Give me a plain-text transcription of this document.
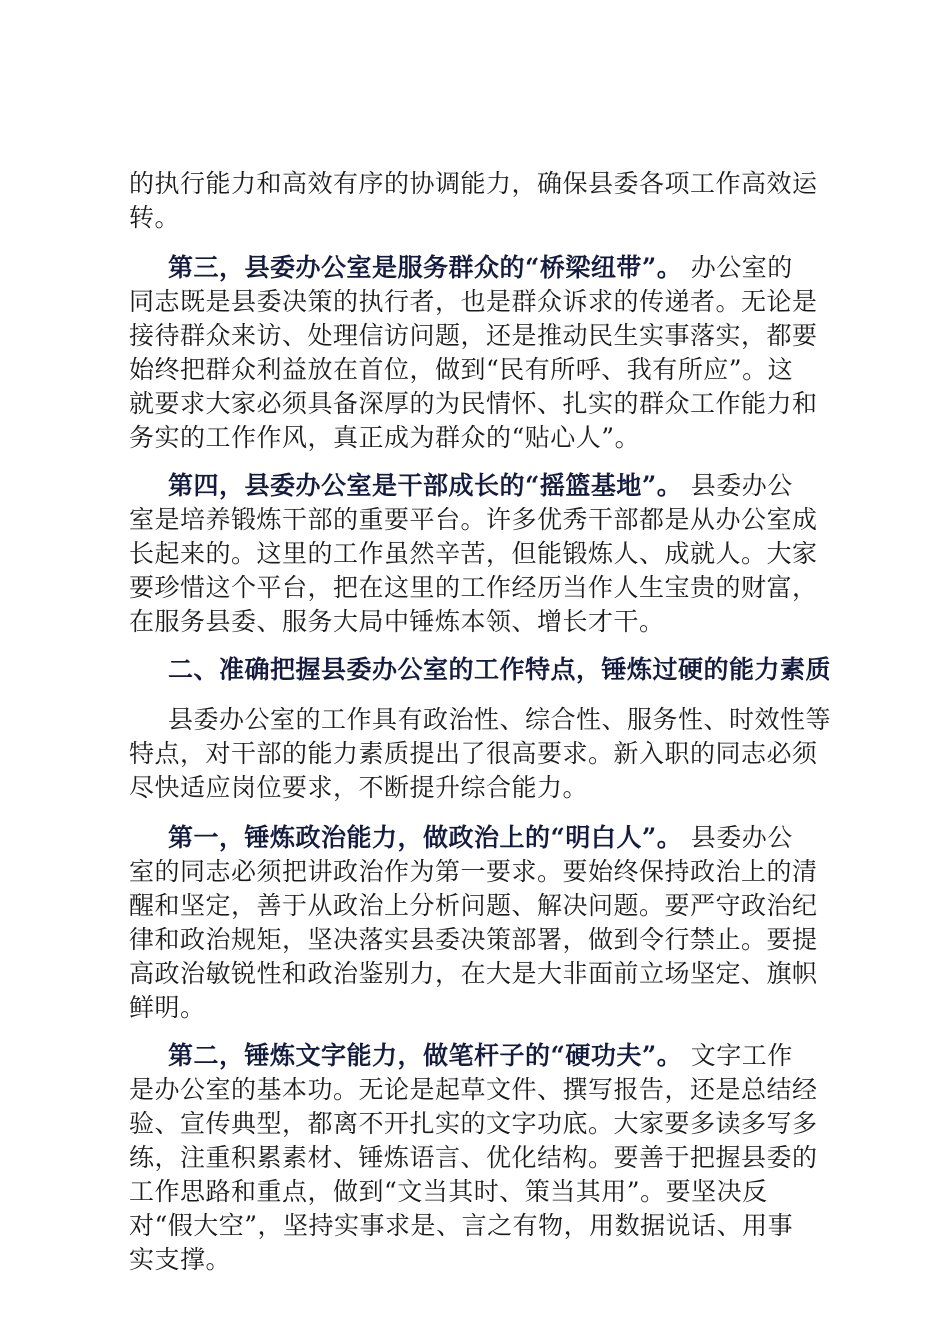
的执行能力和高效有序的协调能力，确保县委各项工作高效运
转。
第三，县委办公室是服务群众的“桥梁纽带”。 办公室的
同志既是县委决策的执行者，也是群众诉求的传递者。无论是
接待群众来访、处理信访问题，还是推动民生实事落实，都要
始终把群众利益放在首位，做到“民有所呼、我有所应”。这
就要求大家必须具备深厚的为民情怀、扎实的群众工作能力和
务实的工作作风，真正成为群众的“贴心人”。
第四，县委办公室是干部成长的“摇篮基地”。 县委办公
室是培养锻炼干部的重要平台。许多优秀干部都是从办公室成
长起来的。这里的工作虽然辛苦，但能锻炼人、成就人。大家
要珍惜这个平台，把在这里的工作经历当作人生宝贵的财富，
在服务县委、服务大局中锤炼本领、增长才干。
二、准确把握县委办公室的工作特点，锤炼过硬的能力素质
县委办公室的工作具有政治性、综合性、服务性、时效性等
特点，对干部的能力素质提出了很高要求。新入职的同志必须
尽快适应岗位要求，不断提升综合能力。
第一，锤炼政治能力，做政治上的“明白人”。 县委办公
室的同志必须把讲政治作为第一要求。要始终保持政治上的清
醒和坚定，善于从政治上分析问题、解决问题。要严守政治纪
律和政治规矩，坚决落实县委决策部署，做到令行禁止。要提
高政治敏锐性和政治鉴别力，在大是大非面前立场坚定、旗帜
鲜明。
第二，锤炼文字能力，做笔杆子的“硬功夫”。 文字工作
是办公室的基本功。无论是起草文件、撰写报告，还是总结经
验、宣传典型，都离不开扎实的文字功底。大家要多读多写多
练，注重积累素材、锤炼语言、优化结构。要善于把握县委的
工作思路和重点，做到“文当其时、策当其用”。要坚决反
对“假大空”，坚持实事求是、言之有物，用数据说话、用事
实支撑。
